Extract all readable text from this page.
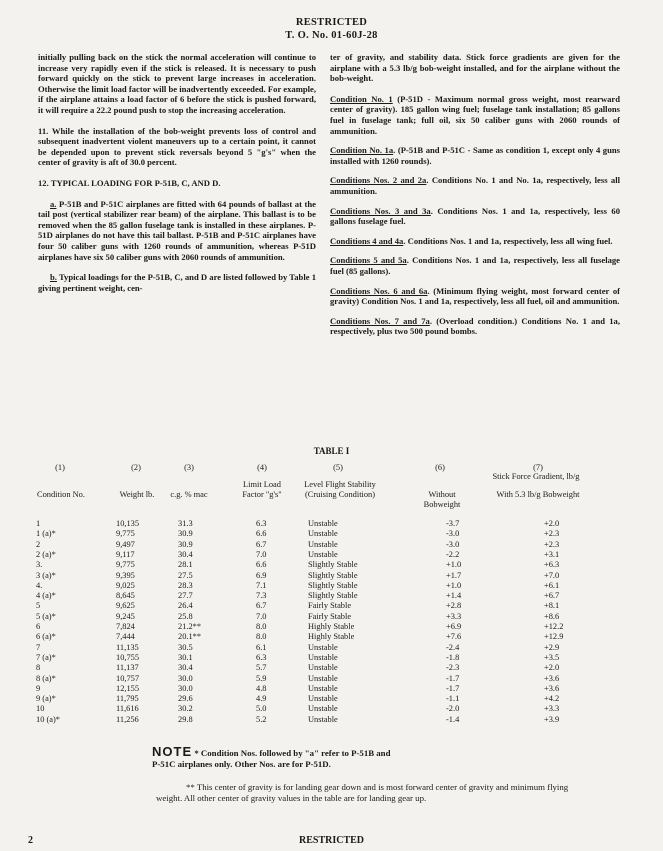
RESTRICTED
T. O. No. 01-60J-28

initially pulling back on the stick the normal acceleration will continue to increase very rapidly even if the stick is released. It is necessary to push forward quickly on the stick to prevent large increases in acceleration. Otherwise the limit load factor will be inadvertently exceeded. For example, if the airplane attains a load factor of 6 before the stick is pushed forward, it will require a 22.2 pound push to stop the increasing acceleration.

11. While the installation of the bob-weight prevents loss of control and subsequent inadvertent violent maneuvers up to a certain point, it cannot be depended upon to prevent stick reversals beyond 5 "g's" when the center of gravity is aft of 30.0 percent.

12. TYPICAL LOADING FOR P-51B, C, AND D.

a. P-51B and P-51C airplanes are fitted with 64 pounds of ballast at the tail post (vertical stabilizer rear beam) of the airplane. This ballast is to be removed when the 85 gallon fuselage tank is installed in these airplanes. P-51D airplanes do not have this tail ballast. P-51B and P-51C airplanes have four 50 caliber guns with 1260 rounds of ammunition, whereas P-51D airplanes have six 50 caliber guns with 2060 rounds of ammunition.

b. Typical loadings for the P-51B, C, and D are listed followed by Table 1 giving pertinent weight, cen-

ter of gravity, and stability data. Stick force gradients are given for the airplane with a 5.3 lb/g bob-weight installed, and for the airplane without the bob-weight.

Condition No. 1 (P-51D - Maximum normal gross weight, most rearward center of gravity). 185 gallon wing fuel; fuselage tank installation; 85 gallons fuel in fuselage tank; full oil, six 50 caliber guns with 2060 rounds of ammunition.

Condition No. 1a. (P-51B and P-51C - Same as condition 1, except only 4 guns installed with 1260 rounds).

Conditions Nos. 2 and 2a. Conditions No. 1 and No. 1a, respectively, less all ammunition.

Conditions Nos. 3 and 3a. Conditions Nos. 1 and 1a, respectively, less 60 gallons fuselage fuel.

Conditions 4 and 4a. Conditions Nos. 1 and 1a, respectively, less all wing fuel.

Conditions 5 and 5a. Conditions Nos. 1 and 1a, respectively, less all fuselage fuel (85 gallons).

Conditions Nos. 6 and 6a. (Minimum flying weight, most forward center of gravity) Condition Nos. 1 and 1a, respectively, less all fuel, oil and ammunition.

Conditions Nos. 7 and 7a. (Overload condition.) Conditions No. 1 and 1a, respectively, plus two 500 pound bombs.

TABLE I
(1)	(2)	(3)	(4)	(5)	(6)	(7)
Stick Force Gradient, lb/g
Condition No.	Weight lb.	c.g. % mac
Limit Load Factor "g's"
Level Flight Stability (Cruising Condition)	Without Bobweight
With 5.3 lb/g Bobweight
1	10,135	31.3	6.3	Unstable	-3.7	+2.0
1 (a)*	9,775	30.9	6.6	Unstable	-3.0	+2.3
2	9,497	30.9	6.7	Unstable	-3.0	+2.3
2 (a)*	9,117	30.4	7.0	Unstable	-2.2	+3.1
3.	9,775	28.1	6.6	Slightly Stable	+1.0	+6.3
3 (a)*	9,395	27.5	6.9	Slightly Stable	+1.7	+7.0
4.	9,025	28.3	7.1	Slightly Stable	+1.0	+6.1
4 (a)*	8,645	27.7	7.3	Slightly Stable	+1.4	+6.7
5	9,625	26.4	6.7	Fairly Stable	+2.8	+8.1
5 (a)*	9,245	25.8	7.0	Fairly Stable	+3.3	+8.6
6	7,824	21.2**	8.0	Highly Stable	+6.9	+12.2
6 (a)*	7,444	20.1**	8.0	Highly Stable	+7.6	+12.9
7	11,135	30.5	6.1	Unstable	-2.4	+2.9
7 (a)*	10,755	30.1	6.3	Unstable	-1.8	+3.5
8	11,137	30.4	5.7	Unstable	-2.3	+2.0
8 (a)*	10,757	30.0	5.9	Unstable	-1.7	+3.6
9	12,155	30.0	4.8	Unstable	-1.7	+3.6
9 (a)*	11,795	29.6	4.9	Unstable	-1.1	+4.2
10	11,616	30.2	5.0	Unstable	-2.0	+3.3
10 (a)*	11,256	29.8	5.2	Unstable	-1.4	+3.9
NOTE * Condition Nos. followed by "a" refer to P-51B and
P-51C airplanes only. Other Nos. are for P-51D.
** This center of gravity is for landing gear down and is most forward center of gravity and minimum flying weight. All other center of gravity values in the table are for landing gear up.
2	RESTRICTED
